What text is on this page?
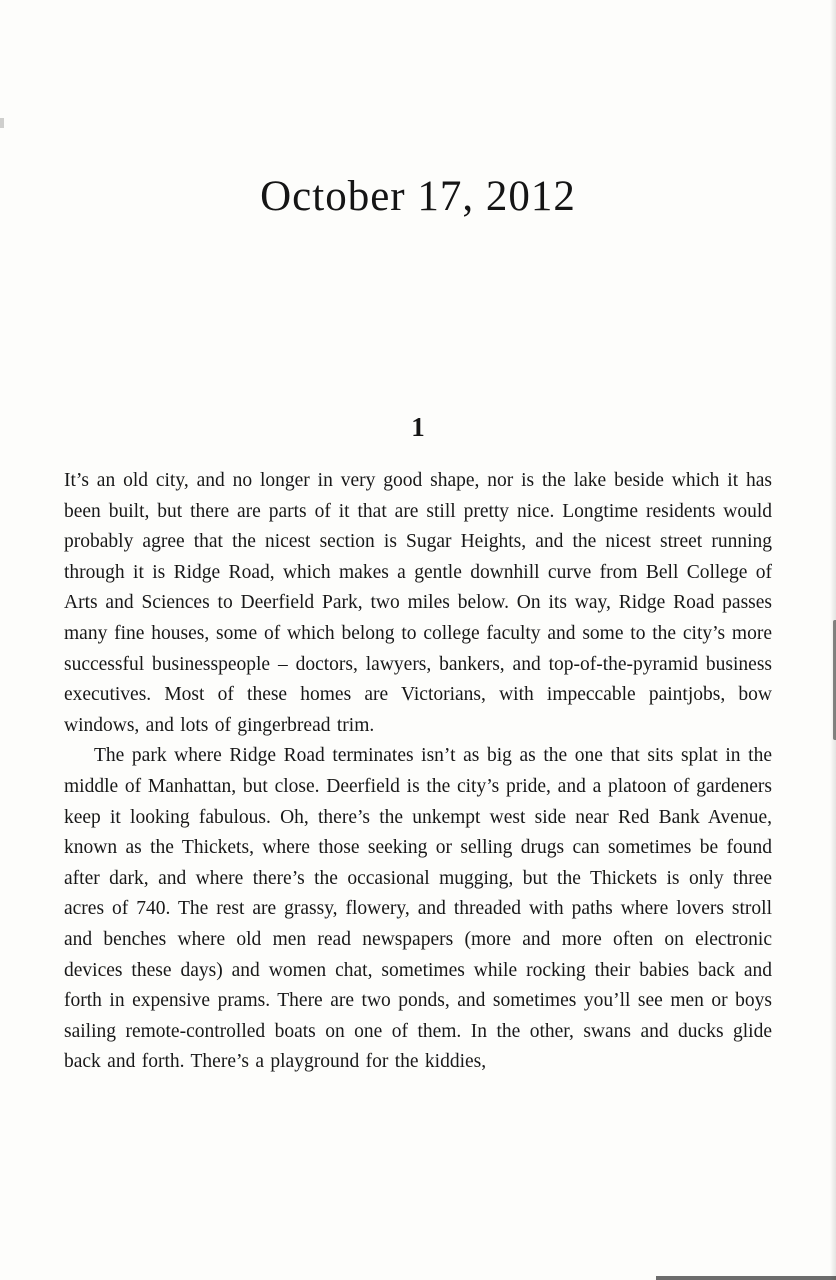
October 17, 2012
1

It’s an old city, and no longer in very good shape, nor is the lake beside which it has been built, but there are parts of it that are still pretty nice. Longtime residents would probably agree that the nicest section is Sugar Heights, and the nicest street running through it is Ridge Road, which makes a gentle downhill curve from Bell College of Arts and Sciences to Deerfield Park, two miles below. On its way, Ridge Road passes many fine houses, some of which belong to college faculty and some to the city’s more successful businesspeople – doctors, lawyers, bankers, and top-of-the-pyramid business executives. Most of these homes are Victorians, with impeccable paintjobs, bow windows, and lots of gingerbread trim.

The park where Ridge Road terminates isn’t as big as the one that sits splat in the middle of Manhattan, but close. Deerfield is the city’s pride, and a platoon of gardeners keep it looking fabulous. Oh, there’s the unkempt west side near Red Bank Avenue, known as the Thickets, where those seeking or selling drugs can sometimes be found after dark, and where there’s the occasional mugging, but the Thickets is only three acres of 740. The rest are grassy, flowery, and threaded with paths where lovers stroll and benches where old men read newspapers (more and more often on electronic devices these days) and women chat, sometimes while rocking their babies back and forth in expensive prams. There are two ponds, and sometimes you’ll see men or boys sailing remote-controlled boats on one of them. In the other, swans and ducks glide back and forth. There’s a playground for the kiddies,
